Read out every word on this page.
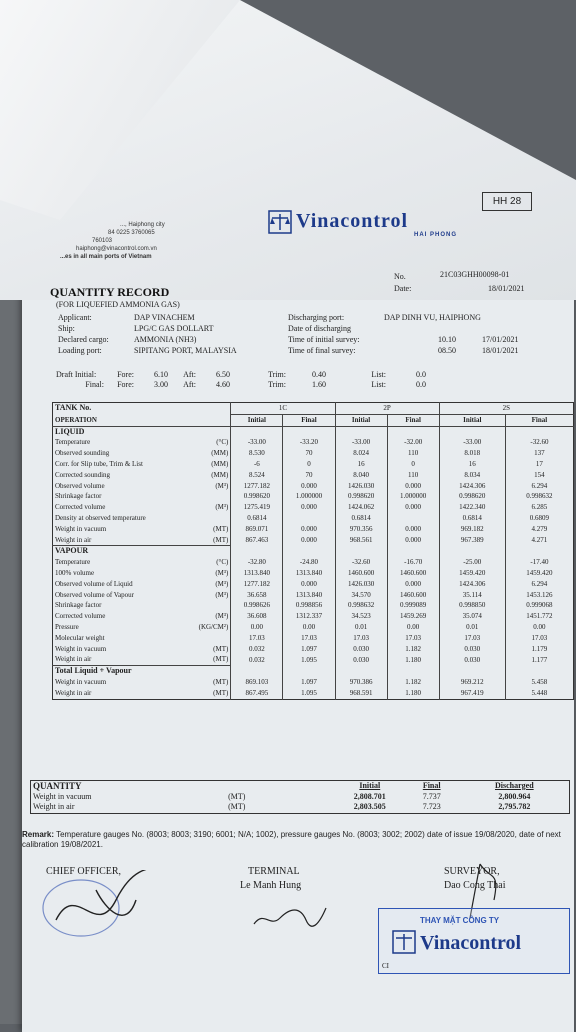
HH 28
Vinacontrol
HAI PHONG
..., Haiphong city
84 0225 3760065
760103
haiphong@vinacontrol.com.vn
...es in all main ports of Vietnam
No.	21C03GHH00098-01
Date:	18/01/2021
QUANTITY RECORD
(FOR LIQUEFIED AMMONIA GAS)
Applicant:	DAP VINACHEM
Ship:	LPG/C GAS DOLLART
Declared cargo:	AMMONIA (NH3)
Loading port:	SIPITANG PORT, MALAYSIA
Discharging port:	DAP DINH VU, HAIPHONG
Date of discharging
Time of initial survey:	10.10	17/01/2021
Time of final survey:	08.50	18/01/2021
Draft Initial:	Fore:	6.10 Aft:	6.50	Trim:	0.40	List:	0.0
Final: Fore:	3.00 Aft:	4.60	Trim:	1.60	List:	0.0
TANK No.	1C		2P		2S	
OPERATION	Initial	Final	Initial	Final	Initial	Final
LIQUID						
Temperature (°C)	-33.00	-33.20	-33.00	-32.00	-33.00	-32.60
Observed sounding (MM)	8.530	70	8.024	110	8.018	137
Corr. for Slip tube, Trim & List (MM)	-6	0	16	0	16	17
Corrected sounding (MM)	8.524	70	8.040	110	8.034	154
Observed volume (M³)	1277.182	0.000	1426.030	0.000	1424.306	6.294
Shrinkage factor	0.998620	1.000000	0.998620	1.000000	0.998620	0.998632
Corrected volume (M³)	1275.419	0.000	1424.062	0.000	1422.340	6.285
Density at observed temperature	0.6814		0.6814		0.6814	0.6809
Weight in vacuum (MT)	869.071	0.000	970.356	0.000	969.182	4.279
Weight in air (MT)	867.463	0.000	968.561	0.000	967.389	4.271
VAPOUR						
Temperature (°C)	-32.80	-24.80	-32.60	-16.70	-25.00	-17.40
100% volume (M³)	1313.840	1313.840	1460.600	1460.600	1459.420	1459.420
Observed volume of Liquid (M³)	1277.182	0.000	1426.030	0.000	1424.306	6.294
Observed volume of Vapour (M³)	36.658	1313.840	34.570	1460.600	35.114	1453.126
Shrinkage factor	0.998626	0.998856	0.998632	0.999089	0.998850	0.999068
Corrected volume (M³)	36.608	1312.337	34.523	1459.269	35.074	1451.772
Pressure (KG/CM²)	0.00	0.00	0.01	0.00	0.01	0.00
Molecular weight	17.03	17.03	17.03	17.03	17.03	17.03
Weight in vacuum (MT)	0.032	1.097	0.030	1.182	0.030	1.179
Weight in air (MT)	0.032	1.095	0.030	1.180	0.030	1.177
Total Liquid + Vapour						
Weight in vacuum (MT)	869.103	1.097	970.386	1.182	969.212	5.458
Weight in air (MT)	867.495	1.095	968.591	1.180	967.419	5.448
QUANTITY		Initial	Final	Discharged
Weight in vacuum	(MT)	2,808.701	7.737	2,800.964
Weight in air	(MT)	2,803.505	7.723	2,795.782
Remark: Temperature gauges No. (8003; 8003; 3190; 6001; N/A; 1002), pressure gauges No. (8003; 3002; 2002) date of issue 19/08/2020, date of next calibration 19/08/2021.
CHIEF OFFICER,	TERMINAL
Le Manh Hung
SURVEYOR,
Dao Cong Thai
THAY MẶT CÔNG TY
Vinacontrol
CI
